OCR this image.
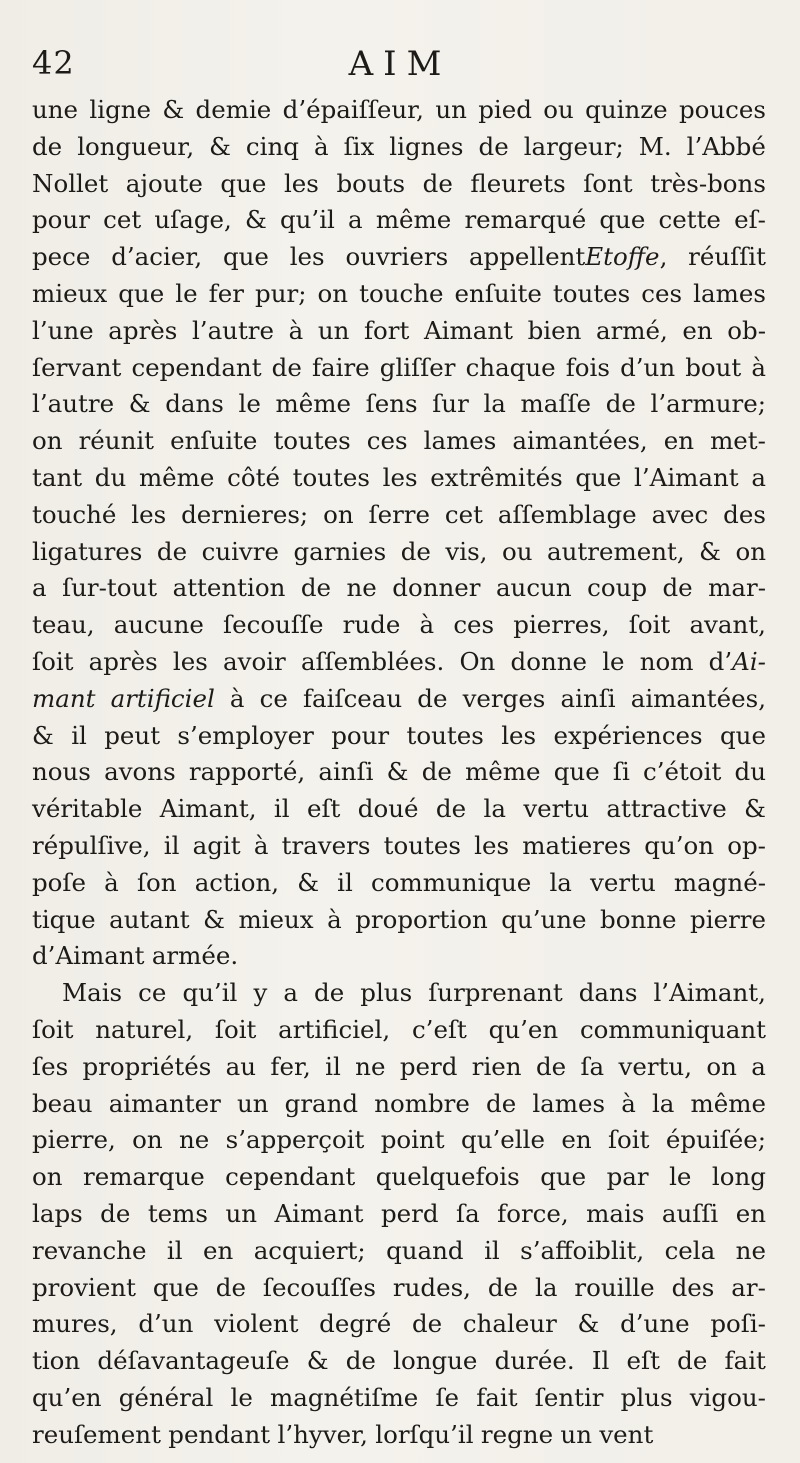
42	AIM
une ligne & demie d’épaiſſeur, un pied ou quinze pouces
de longueur, & cinq à ſix lignes de largeur; M. l’Abbé
Nollet ajoute que les bouts de fleurets ſont très-bons
pour cet uſage, & qu’il a même remarqué que cette eſ-
pece d’acier, que les ouvriers appellentEtoffe, réuſſit
mieux que le fer pur; on touche enſuite toutes ces lames
l’une après l’autre à un fort Aimant bien armé, en ob-
ſervant cependant de faire gliſſer chaque fois d’un bout à
l’autre & dans le même ſens ſur la maſſe de l’armure;
on réunit enſuite toutes ces lames aimantées, en met-
tant du même côté toutes les extrêmités que l’Aimant a
touché les dernieres; on ſerre cet aſſemblage avec des
ligatures de cuivre garnies de vis, ou autrement, & on
a ſur-tout attention de ne donner aucun coup de mar-
teau, aucune ſecouſſe rude à ces pierres, ſoit avant,
ſoit après les avoir aſſemblées. On donne le nom d’Ai-
mant artificiel à ce faiſceau de verges ainſi aimantées,
& il peut s’employer pour toutes les expériences que
nous avons rapporté, ainſi & de même que ſi c’étoit du
véritable Aimant, il eſt doué de la vertu attractive &
répulſive, il agit à travers toutes les matieres qu’on op-
poſe à ſon action, & il communique la vertu magné-
tique autant & mieux à proportion qu’une bonne pierre
d’Aimant armée.
Mais ce qu’il y a de plus ſurprenant dans l’Aimant,
ſoit naturel, ſoit artificiel, c’eſt qu’en communiquant
ſes propriétés au fer, il ne perd rien de ſa vertu, on a
beau aimanter un grand nombre de lames à la même
pierre, on ne s’apperçoit point qu’elle en ſoit épuiſée;
on remarque cependant quelquefois que par le long
laps de tems un Aimant perd ſa force, mais auſſi en
revanche il en acquiert; quand il s’affoiblit, cela ne
provient que de ſecouſſes rudes, de la rouille des ar-
mures, d’un violent degré de chaleur & d’une poſi-
tion déſavantageuſe & de longue durée. Il eſt de fait
qu’en général le magnétiſme ſe fait ſentir plus vigou-
reuſement pendant l’hyver, lorſqu’il regne un vent
